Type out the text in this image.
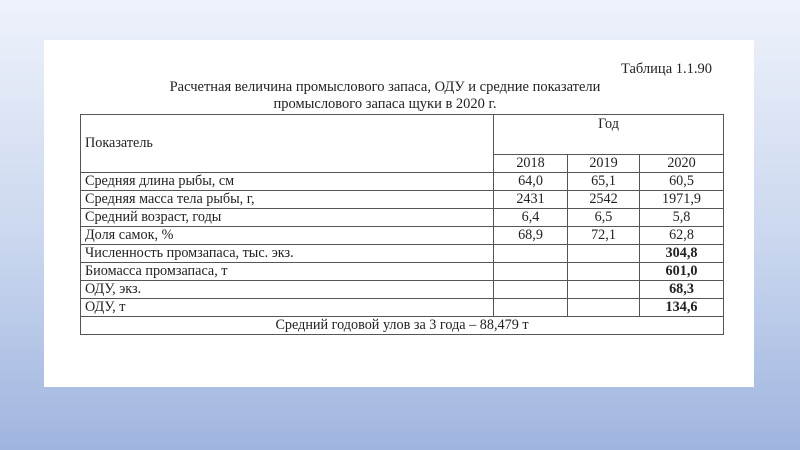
Таблица 1.1.90
Расчетная величина промыслового запаса, ОДУ и средние показатели
промыслового запаса щуки в 2020 г.
Показатель	Год		
	2018	2019	2020
Средняя длина рыбы, см	64,0	65,1	60,5
Средняя масса тела рыбы, г,	2431	2542	1971,9
Средний возраст, годы	6,4	6,5	5,8
Доля самок, %	68,9	72,1	62,8
Численность промзапаса, тыс. экз.			304,8
Биомасса промзапаса, т			601,0
ОДУ, экз.			68,3
ОДУ, т			134,6
Средний годовой улов за 3 года – 88,479 т			
